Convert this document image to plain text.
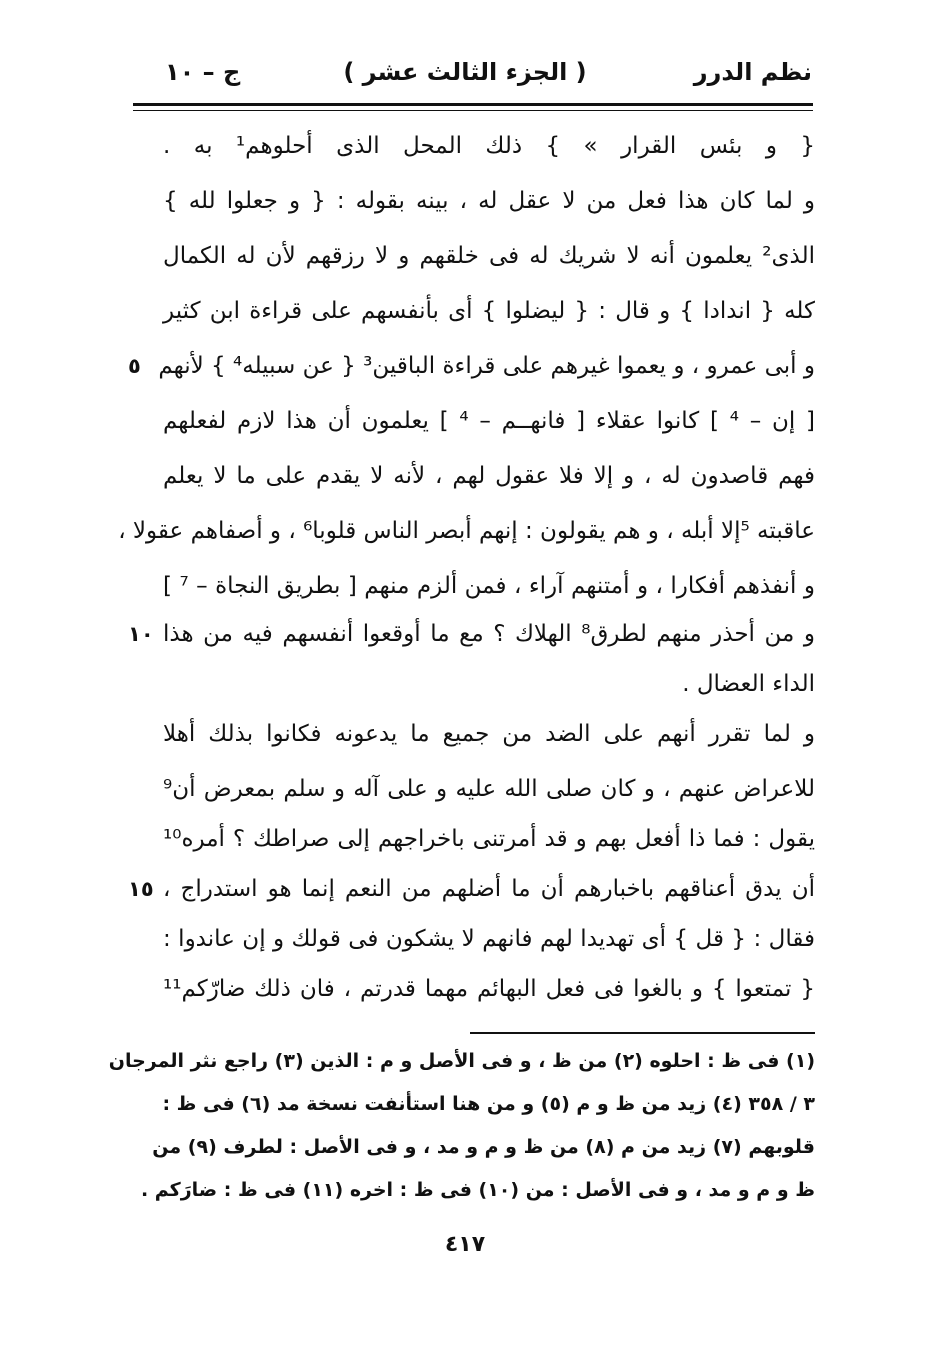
نظم الدرر
( الجزء الثالث عشر )
ج – ١٠
{ و بئس القرار » } ذلك المحل الذى أحلوهم¹ به .
و لما كان هذا فعل من لا عقل له ، بينه بقوله : { و جعلوا لله }
الذى² يعلمون أنه لا شريك له فى خلقهم و لا رزقهم لأن له الكمال
كله { اندادا } و قال : { ليضلوا } أى بأنفسهم على قراءة ابن كثير
و أبى عمرو ، و يعموا غيرهم على قراءة الباقين³ { عن سبيله⁴ } لأنهم
[ إن – ⁴ ] كانوا عقلاء [ فانهــم – ⁴ ] يعلمون أن هذا لازم لفعلهم
فهم قاصدون له ، و إلا فلا عقول لهم ، لأنه لا يقدم على ما لا يعلم
عاقبته ⁵إلا أبله ، و هم يقولون : إنهم أبصر الناس قلوبا⁶ ، و أصفاهم عقولا ،
و أنفذهم أفكارا ، و أمتنهم آراء ، فمن ألزم منهم [ بطريق النجاة – ⁷ ]
و من أحذر منهم لطرق⁸ الهلاك ؟ مع ما أوقعوا أنفسهم فيه من هذا
الداء العضال .
و لما تقرر أنهم على الضد من جميع ما يدعونه فكانوا بذلك أهلا
للاعراض عنهم ، و كان صلى الله عليه و على آله و سلم بمعرض أن⁹
يقول : فما ذا أفعل بهم و قد أمرتنى باخراجهم إلى صراطك ؟ أمره¹⁰
أن يدق أعناقهم باخبارهم أن ما أضلهم من النعم إنما هو استدراج ،
فقال : { قل } أى تهديدا لهم فانهم لا يشكون فى قولك و إن عاندوا :
{ تمتعوا } و بالغوا فى فعل البهائم مهما قدرتم ، فان ذلك ضارّكم¹¹
٥
١٠
١٥
(١) فى ظ : احلوه (٢) من ظ ، و فى الأصل و م : الذين (٣) راجع نثر المرجان
٣ / ٣٥٨ (٤) زيد من ظ و م (٥) و من هنا استأنفت نسخة مد (٦) فى ظ :
قلوبهم (٧) زيد من م (٨) من ظ و م و مد ، و فى الأصل : لطرف (٩) من
ظ و م و مد ، و فى الأصل : من (١٠) فى ظ : اخره (١١) فى ظ : ضارَكم .
٤١٧
